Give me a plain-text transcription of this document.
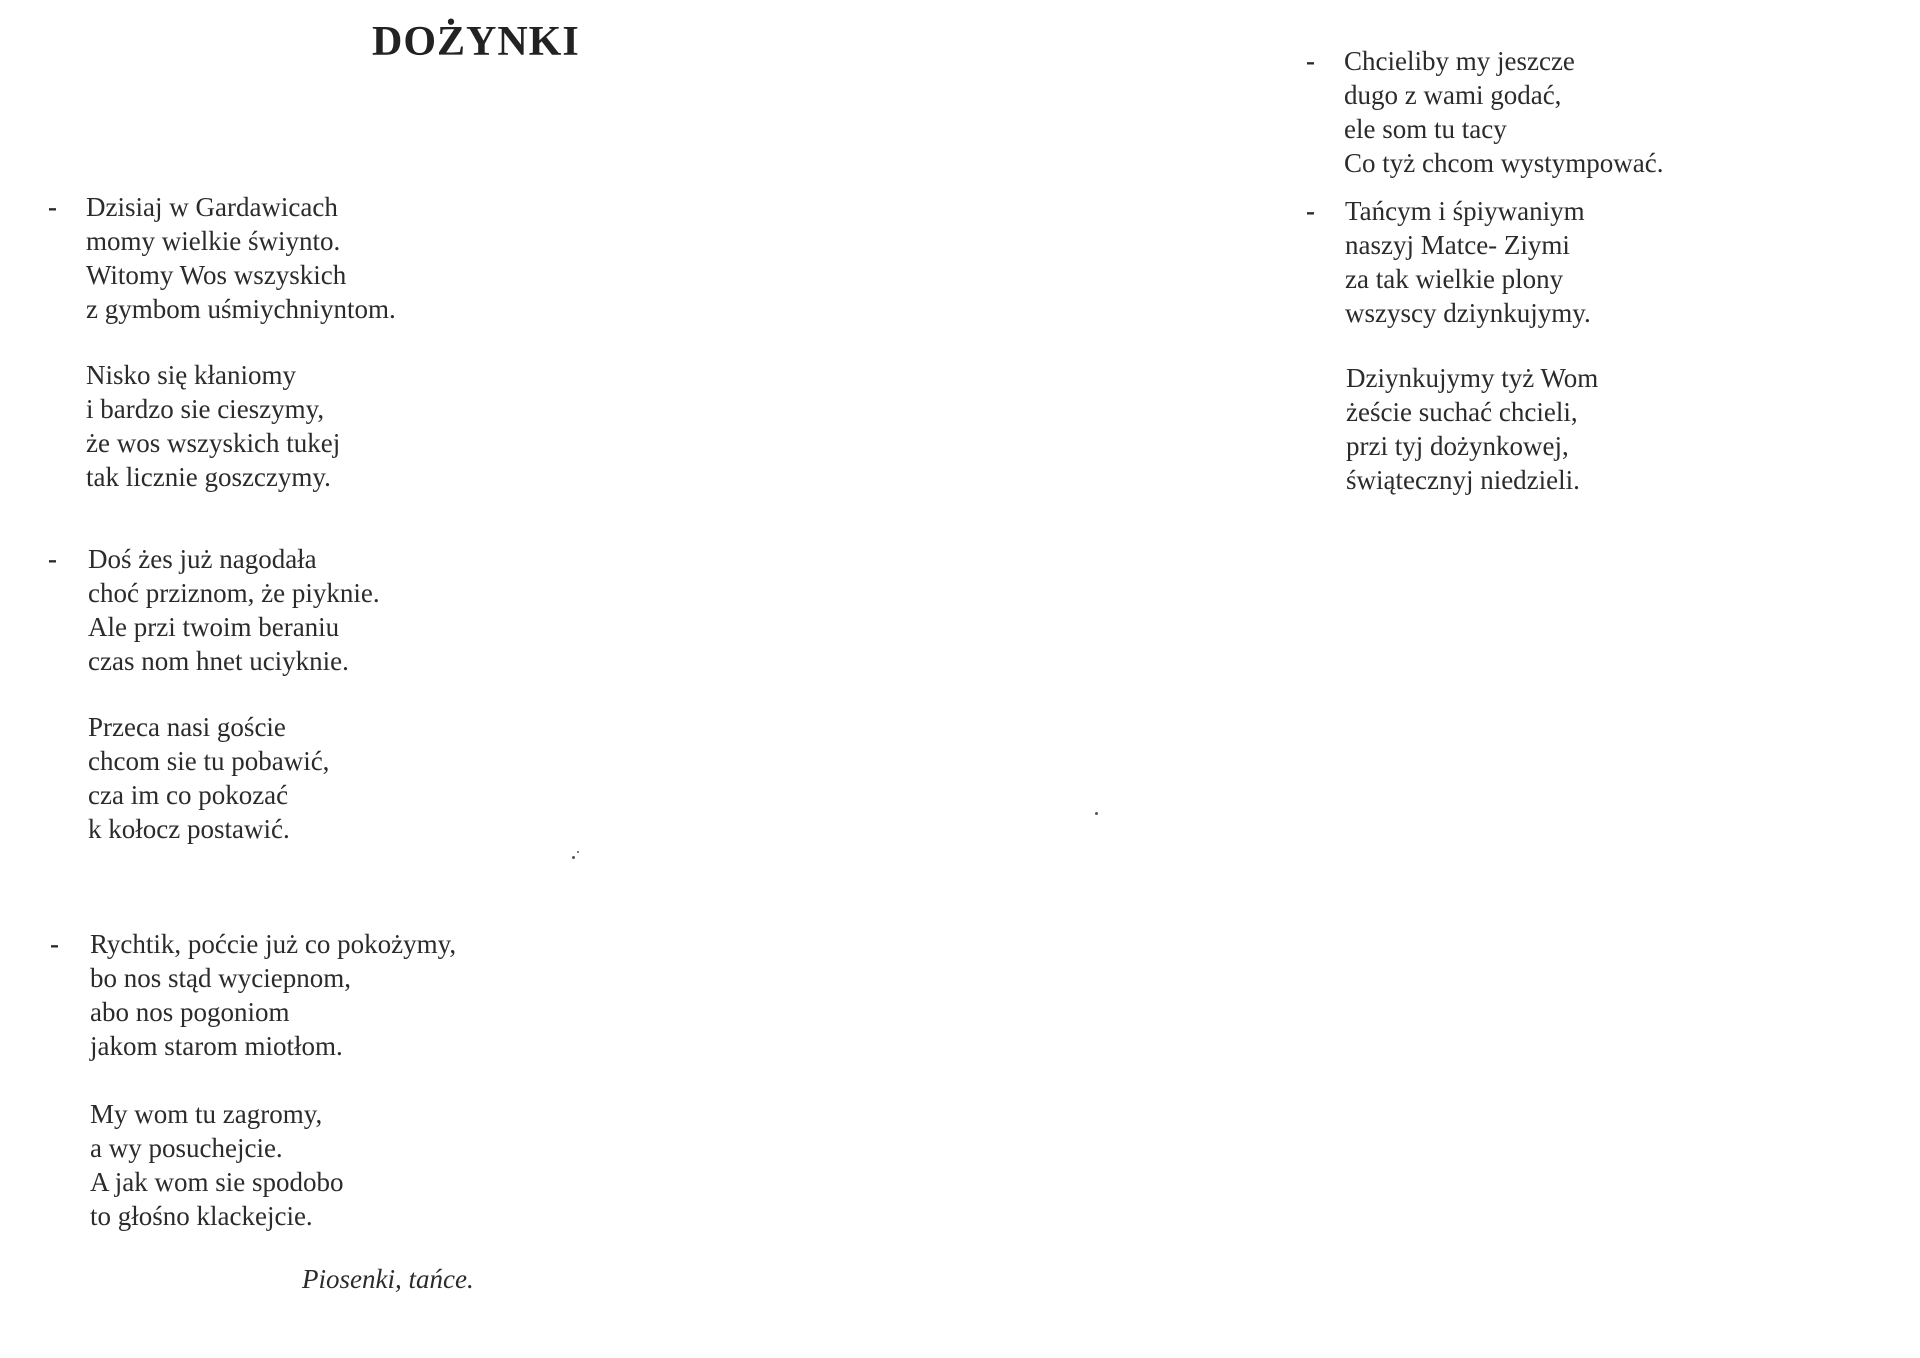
DOŻYNKI
- Dzisiaj w Gardawicach
momy wielkie świynto.
Witomy Wos wszyskich
z gymbom uśmiychniyntom.
Nisko się kłaniomy
i bardzo sie cieszymy,
że wos wszyskich tukej
tak licznie goszczymy.
- Doś żes już nagodała
choć prziznom, że piyknie.
Ale przi twoim beraniu
czas nom hnet uciyknie.
Przeca nasi goście
chcom sie tu pobawić,
cza im co pokozać
k kołocz postawić.
- Rychtik, poćcie już co pokożymy,
bo nos stąd wyciepnom,
abo nos pogoniom
jakom starom miotłom.
My wom tu zagromy,
a wy posuchejcie.
A jak wom sie spodobo
to głośno klackejcie.
Piosenki, tańce.
- Chcieliby my jeszcze
dugo z wami godać,
ele som tu tacy
Co tyż chcom wystympować.
- Tańcym i śpiywaniym
naszyj Matce- Ziymi
za tak wielkie plony
wszyscy dziynkujymy.
Dziynkujymy tyż Wom
żeście suchać chcieli,
przi tyj dożynkowej,
świątecznyj niedzieli.
